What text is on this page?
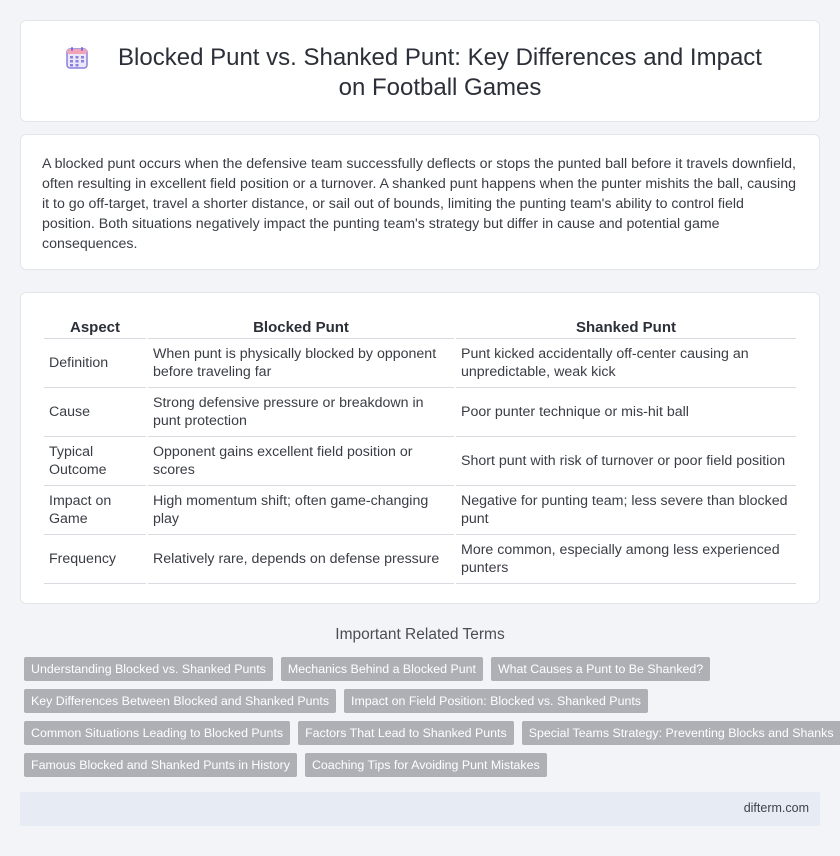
Blocked Punt vs. Shanked Punt: Key Differences and Impact on Football Games

A blocked punt occurs when the defensive team successfully deflects or stops the punted ball before it travels downfield, often resulting in excellent field position or a turnover. A shanked punt happens when the punter mishits the ball, causing it to go off-target, travel a shorter distance, or sail out of bounds, limiting the punting team's ability to control field position. Both situations negatively impact the punting team's strategy but differ in cause and potential game consequences.

Aspect	Blocked Punt	Shanked Punt
Definition	When punt is physically blocked by opponent before traveling far	Punt kicked accidentally off-center causing an unpredictable, weak kick
Cause	Strong defensive pressure or breakdown in punt protection	Poor punter technique or mis-hit ball
Typical Outcome	Opponent gains excellent field position or scores	Short punt with risk of turnover or poor field position
Impact on Game	High momentum shift; often game-changing play	Negative for punting team; less severe than blocked punt
Frequency	Relatively rare, depends on defense pressure	More common, especially among less experienced punters
Important Related Terms
Understanding Blocked vs. Shanked Punts	Mechanics Behind a Blocked Punt	What Causes a Punt to Be Shanked?
Key Differences Between Blocked and Shanked Punts	Impact on Field Position: Blocked vs. Shanked Punts
Common Situations Leading to Blocked Punts	Factors That Lead to Shanked Punts	Special Teams Strategy: Preventing Blocks and Shanks
Famous Blocked and Shanked Punts in History	Coaching Tips for Avoiding Punt Mistakes
difterm.com
